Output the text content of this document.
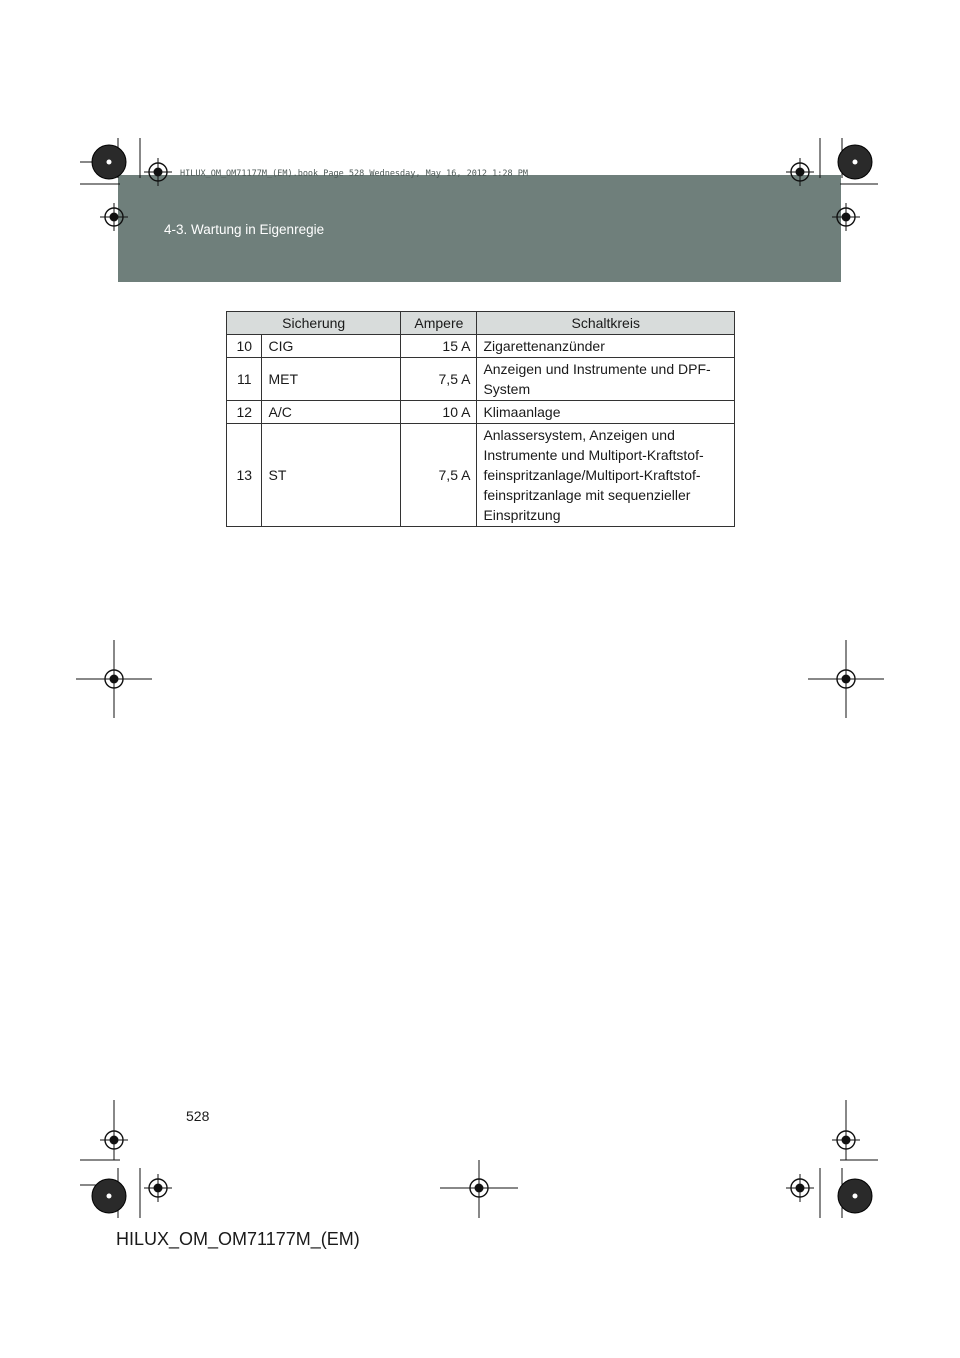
4-3. Wartung in Eigenregie
HILUX_OM_OM71177M_(EM).book Page 528 Wednesday, May 16, 2012 1:28 PM
Sicherung		Ampere	Schaltkreis
10	CIG	15 A	Zigarettenanzünder
11	MET	7,5 A	Anzeigen und Instrumente und DPF-System
12	A/C	10 A	Klimaanlage
13	ST	7,5 A	Anlassersystem, Anzeigen und Instrumente und Multiport-Kraftstof-feinspritzanlage/Multiport-Kraftstof-feinspritzanlage mit sequenzieller Einspritzung
528
HILUX_OM_OM71177M_(EM)
